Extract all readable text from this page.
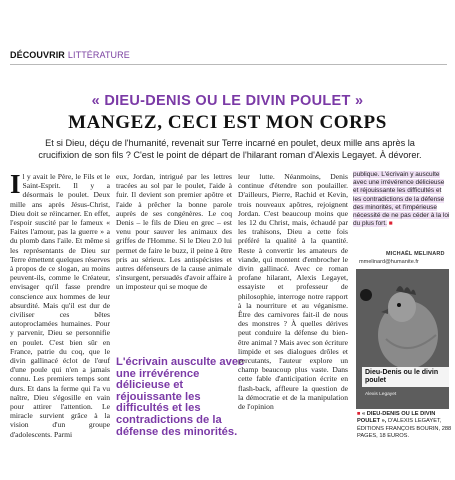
DÉCOUVRIR LITTÉRATURE
« DIEU-DENIS OU LE DIVIN POULET »
MANGEZ, CECI EST MON CORPS
Et si Dieu, déçu de l'humanité, revenait sur Terre incarné en poulet, deux mille ans après la crucifixion de son fils ? C'est le point de départ de l'hilarant roman d'Alexis Legayet. À dévorer.
Il y avait le Père, le Fils et le Saint-Esprit. Il y a désormais le poulet. Deux mille ans après Jésus-Christ, Dieu doit se réincarner. En effet, l'espoir suscité par le fameux « Faites l'amour, pas la guerre » a du plomb dans l'aile. Et même si les représentants de Dieu sur Terre émettent quelques réserves à propos de ce slogan, au moins peuvent-ils, comme le Créateur, envisager qu'il fasse prendre conscience aux hommes de leur absurdité. Mais qu'il est dur de civiliser ces bêtes autoproclamées humaines. Pour y parvenir, Dieu se personnifie en poulet. C'est bien sûr en France, patrie du coq, que le divin gallinacé éclot de l'œuf d'une poule qui n'en a jamais connu. Les premiers temps sont durs. Et dans la ferme qui l'a vu naître, Dieu s'égosille en vain pour attirer l'attention. Le miracle survient grâce à la vision d'un groupe d'adolescents. Parmi
eux, Jordan, intrigué par les lettres tracées au sol par le poulet, l'aide à fuir. Il devient son premier apôtre et l'aide à prêcher la bonne parole auprès de ses congénères. Le coq Denis – le fils de Dieu en grec – est venu pour sauver les animaux des griffes de l'Homme. Si le Dieu 2.0 lui permet de faire le buzz, il peine à être pris au sérieux. Les antispécistes et autres défenseurs de la cause animale s'insurgent, persuadés d'avoir affaire à un imposteur qui se moque de
L'écrivain ausculte avec une irrévérence délicieuse et réjouissante les difficultés et les contradictions de la défense des minorités.
leur lutte. Néanmoins, Denis continue d'étendre son poulailler. D'ailleurs, Pierre, Rachid et Kevin, trois nouveaux apôtres, rejoignent Jordan. C'est beaucoup moins que les 12 du Christ, mais, échaudé par les trahisons, Dieu a cette fois préféré la qualité à la quantité. Reste à convertir les amateurs de viande, qui montent d'embrocher le divin gallinacé. Avec ce roman profane hilarant, Alexis Legayet, essayiste et professeur de philosophie, interroge notre rapport à la nourriture et au véganisme. Être des carnivores fait-il de nous des monstres ? À quelles dérives peut conduire la défense du bien-être animal ? Mais avec son écriture limpide et ses dialogues drôles et percutants, l'auteur explore un champ beaucoup plus vaste. Dans cette fable d'anticipation écrite en flash-back, affleure la question de la démocratie et de la manipulation de l'opinion
publique. L'écrivain y ausculte avec une irrévérence délicieuse et réjouissante les difficultés et les contradictions de la défense des minorités, et l'impérieuse nécessité de ne pas céder à la loi du plus fort. ■
MICHAËL MELINARD
mmelinard@humanite.fr
Dieu-Denis ou le divin poulet
Alexis Legayet
■ « DIEU-DENIS OU LE DIVIN POULET », D'ALEXIS LEGAYET, ÉDITIONS FRANÇOIS BOURIN, 288 PAGES, 18 EUROS.
